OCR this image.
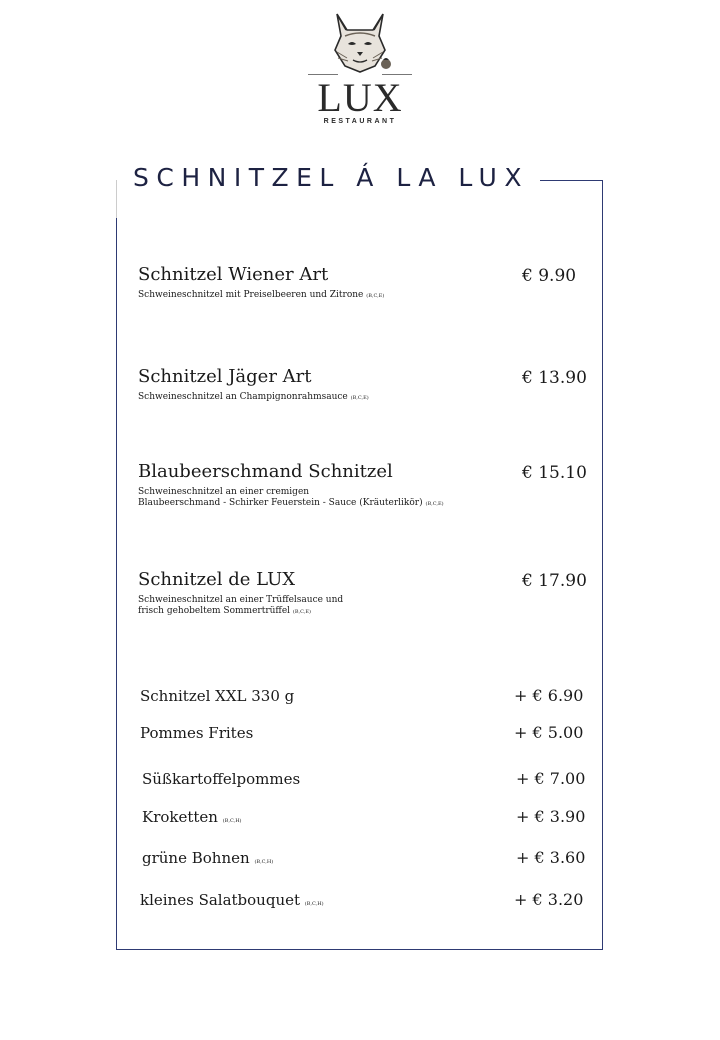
LUX
RESTAURANT
SCHNITZEL Á LA LUX
Schnitzel Wiener Art
Schweineschnitzel mit Preiselbeeren und Zitrone (B,C,E)
€ 9.90
Schnitzel Jäger Art
Schweineschnitzel an Champignonrahmsauce (B,C,E)
€ 13.90
Blaubeerschmand Schnitzel
Schweineschnitzel an einer cremigen
Blaubeerschmand - Schirker Feuerstein - Sauce (Kräuterlikör) (B,C,E)
€ 15.10
Schnitzel de LUX
Schweineschnitzel an einer Trüffelsauce und
frisch gehobeltem Sommertrüffel (B,C,E)
€ 17.90
Schnitzel XXL 330 g	+ € 6.90
Pommes Frites	+ € 5.00
Süßkartoffelpommes	+ € 7.00
Kroketten (B,C,H)	+ € 3.90
grüne Bohnen (B,C,H)	+ € 3.60
kleines Salatbouquet (B,C,H)	+ € 3.20
